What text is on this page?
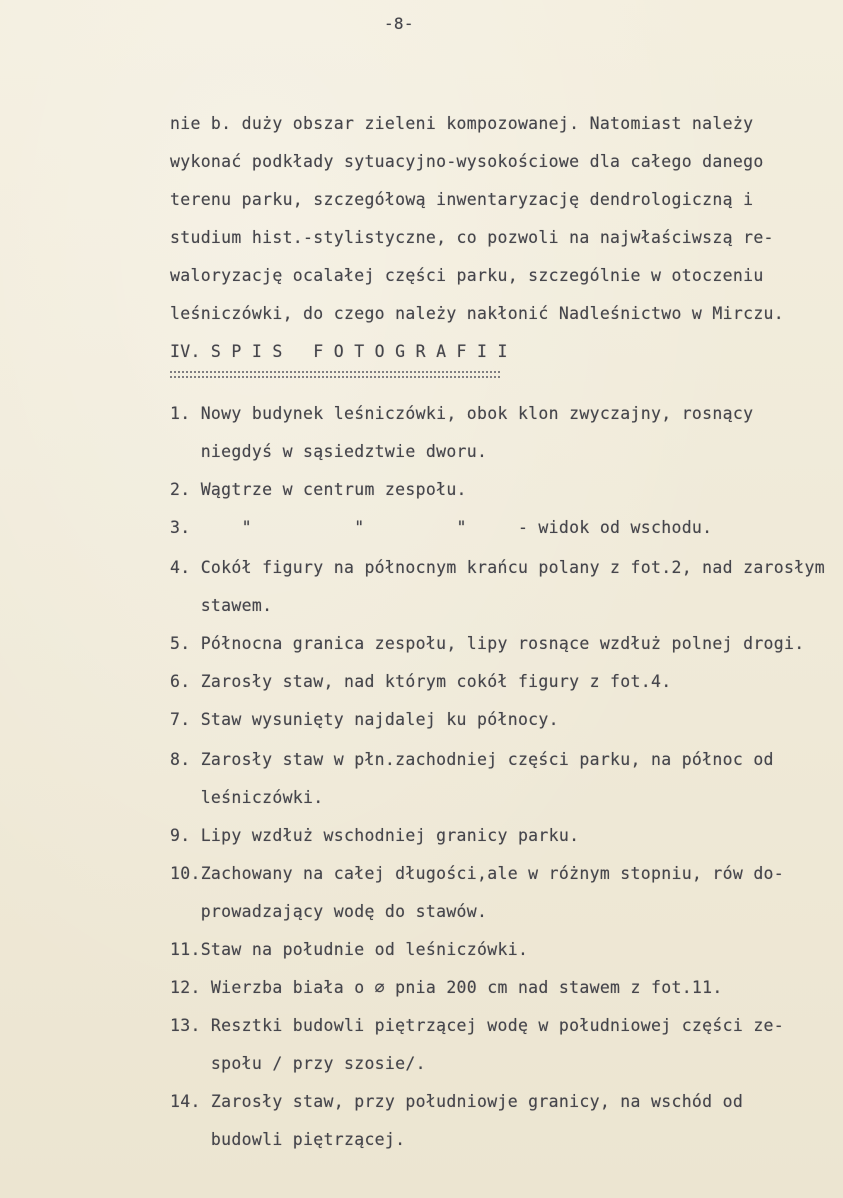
-8-
nie b. duży obszar zieleni kompozowanej. Natomiast należy
wykonać podkłady sytuacyjno-wysokościowe dla całego danego
terenu parku, szczegółową inwentaryzację dendrologiczną i
studium hist.-stylistyczne, co pozwoli na najwłaściwszą re-
waloryzację ocalałej części parku, szczególnie w otoczeniu
leśniczówki, do czego należy nakłonić Nadleśnictwo w Mirczu.
IV. S P I S   F O T O G R A F I I
1. Nowy budynek leśniczówki, obok klon zwyczajny, rosnący
niegdyś w sąsiedztwie dworu.
2. Wągtrze w centrum zespołu.
3.     "          "         "     - widok od wschodu.
4. Cokół figury na północnym krańcu polany z fot.2, nad zarosłym
stawem.
5. Północna granica zespołu, lipy rosnące wzdłuż polnej drogi.
6. Zarosły staw, nad którym cokół figury z fot.4.
7. Staw wysunięty najdalej ku północy.
8. Zarosły staw w płn.zachodniej części parku, na północ od
leśniczówki.
9. Lipy wzdłuż wschodniej granicy parku.
10.Zachowany na całej długości,ale w różnym stopniu, rów do-
prowadzający wodę do stawów.
11.Staw na południe od leśniczówki.
12. Wierzba biała o ∅ pnia 200 cm nad stawem z fot.11.
13. Resztki budowli piętrzącej wodę w południowej części ze-
społu / przy szosie/.
14. Zarosły staw, przy południowje granicy, na wschód od
budowli piętrzącej.
